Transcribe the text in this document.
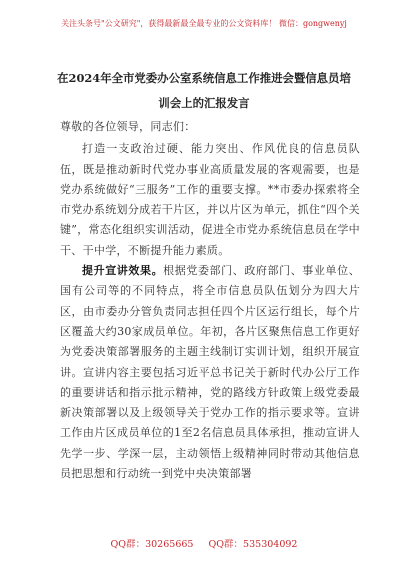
关注头条号"公文研究"，获得最新最全最专业的公文资料库！ 微信：gongwenyj
在2024年全市党委办公室系统信息工作推进会暨信息员培
训会上的汇报发言

尊敬的各位领导，同志们：

打造一支政治过硬、能力突出、作风优良的信息员队伍，既是推动新时代党办事业高质量发展的客观需要，也是党办系统做好“三服务”工作的重要支撑。**市委办探索将全市党办系统划分成若干片区，并以片区为单元，抓住“四个关键”，常态化组织实训活动，促进全市党办系统信息员在学中干、干中学，不断提升能力素质。

提升宣讲效果。根据党委部门、政府部门、事业单位、国有公司等的不同特点，将全市信息员队伍划分为四大片区，由市委办分管负责同志担任四个片区运行组长，每个片区覆盖大约30家成员单位。年初，各片区聚焦信息工作更好为党委决策部署服务的主题主线制订实训计划，组织开展宣讲。宣讲内容主要包括习近平总书记关于新时代办公厅工作的重要讲话和指示批示精神，党的路线方针政策上级党委最新决策部署以及上级领导关于党办工作的指示要求等。宣讲工作由片区成员单位的1至2名信息员具体承担，推动宣讲人先学一步、学深一层，主动领悟上级精神同时带动其他信息员把思想和行动统一到党中央决策部署

QQ群：30265665 QQ群：535304092
